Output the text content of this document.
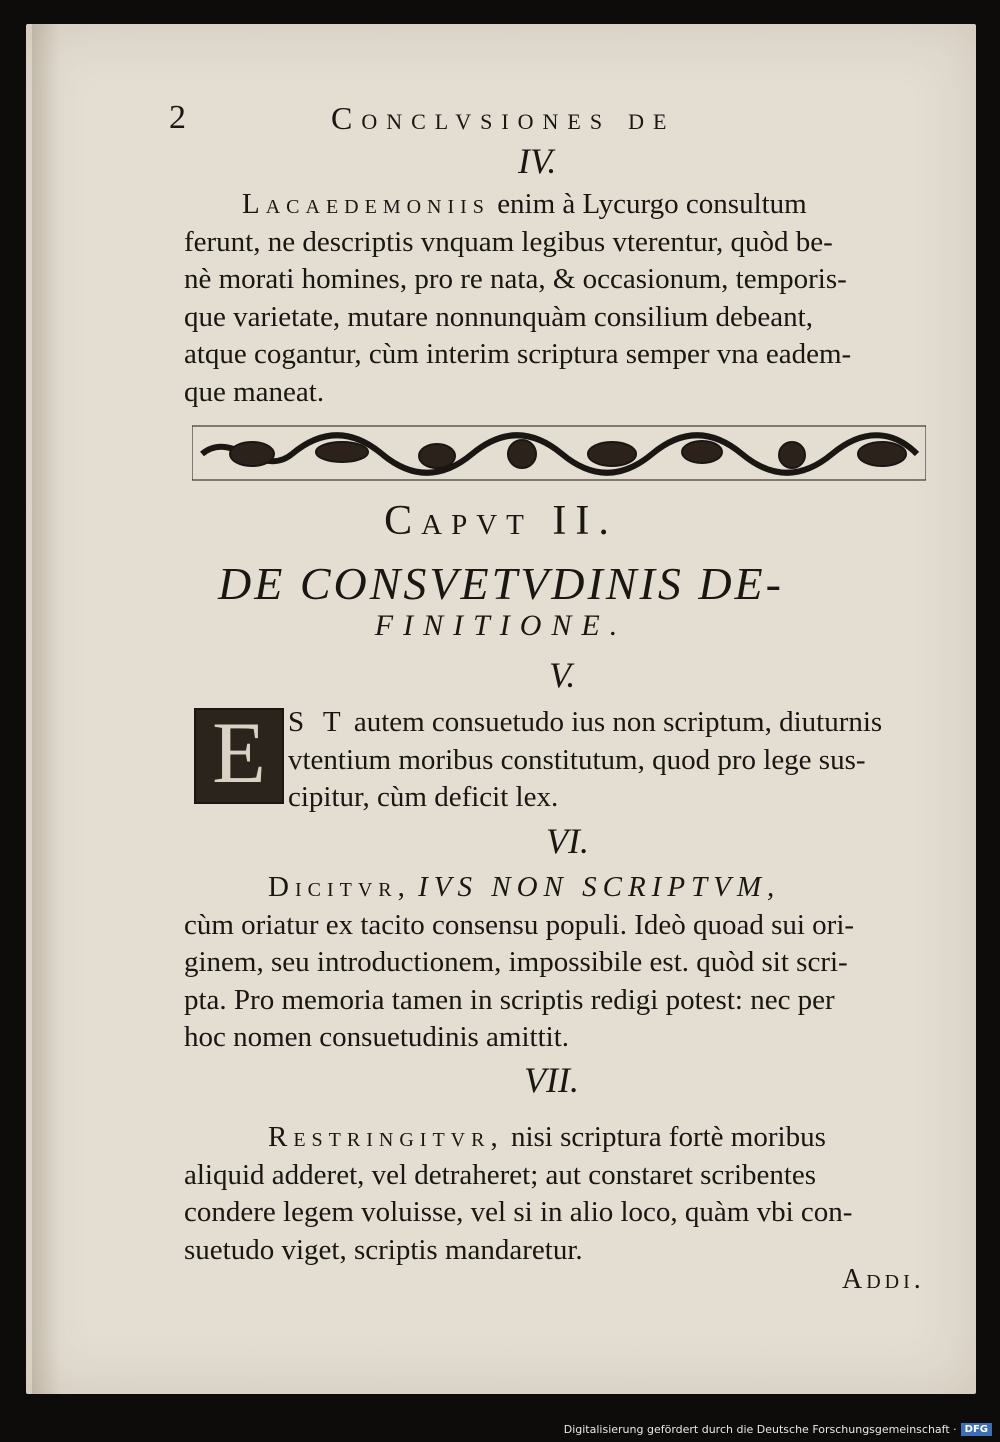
2	Conclvsiones de
IV.
Lacaedemoniis enim à Lycurgo consultum
ferunt, ne descriptis vnquam legibus vterentur, quòd be-
nè morati homines, pro re nata, & occasionum, temporis-
que varietate, mutare nonnunquàm consilium debeant,
atque cogantur, cùm interim scriptura semper vna eadem-
que maneat.
Capvt II.
DE CONSVETVDINIS DE-
FINITIONE.
V.
E S T autem consuetudo ius non scriptum, diuturnis
vtentium moribus constitutum, quod pro lege sus-
cipitur, cùm deficit lex.
VI.
Dicitvr, IVS NON SCRIPTVM,
cùm oriatur ex tacito consensu populi. Ideò quoad sui ori-
ginem, seu introductionem, impossibile est. quòd sit scri-
pta. Pro memoria tamen in scriptis redigi potest: nec per
hoc nomen consuetudinis amittit.
VII.
Restringitvr, nisi scriptura fortè moribus
aliquid adderet, vel detraheret; aut constaret scribentes
condere legem voluisse, vel si in alio loco, quàm vbi con-
suetudo viget, scriptis mandaretur.
Addi.
Digitalisierung gefördert durch die Deutsche Forschungsgemeinschaft · DFG
